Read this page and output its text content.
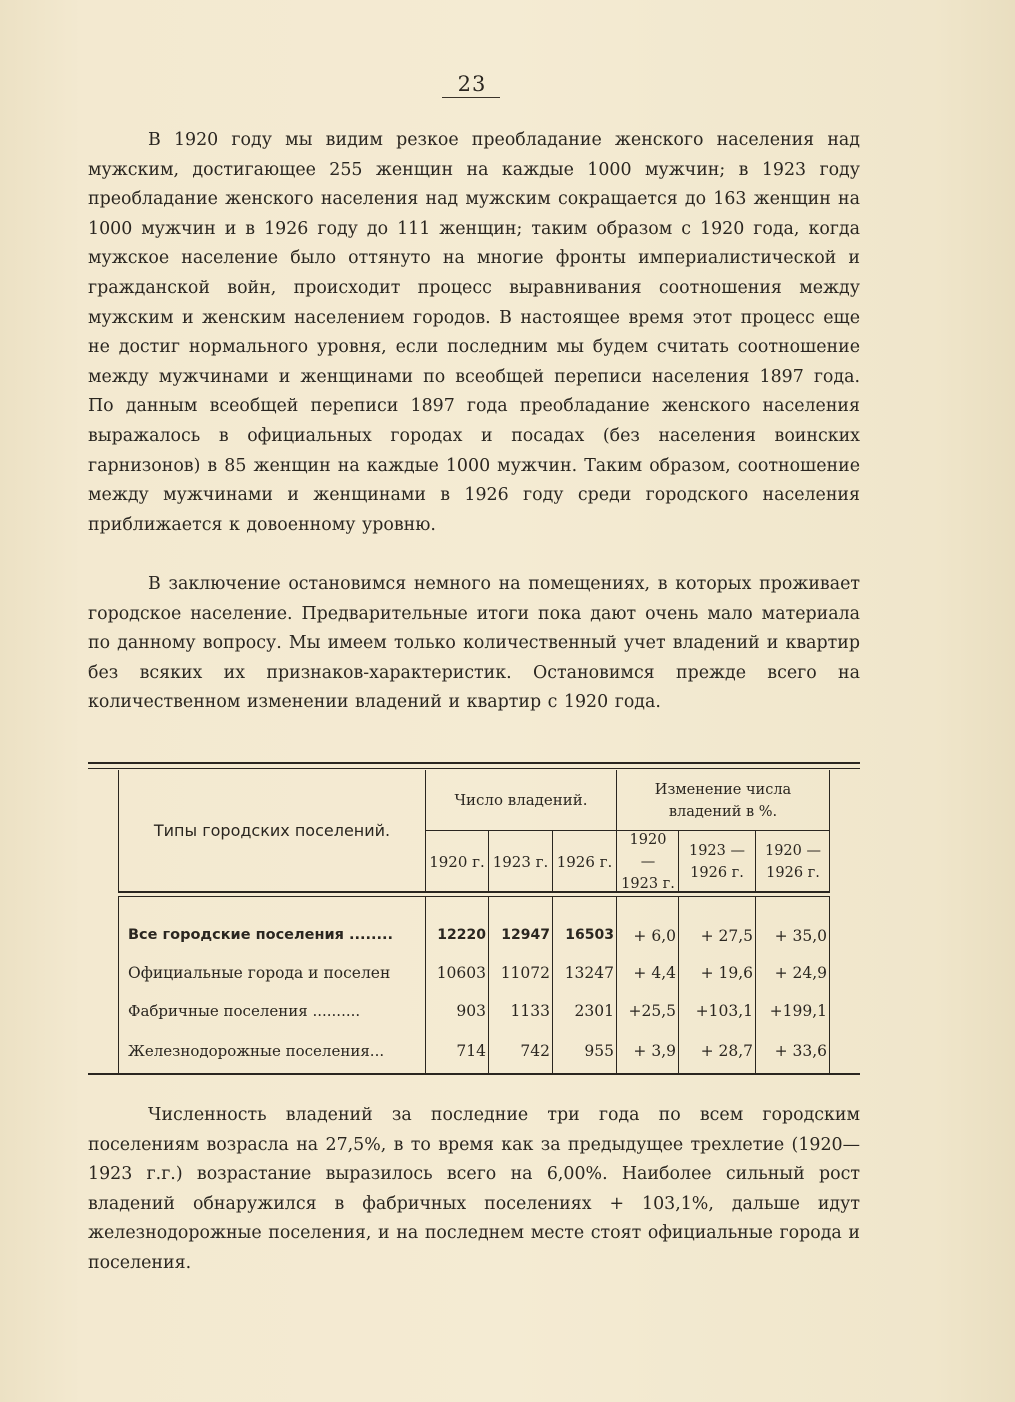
23

В 1920 году мы видим резкое преобладание женского населения над мужским, достигающее 255 женщин на каждые 1000 мужчин; в 1923 году преобладание женского населения над мужским сокращается до 163 женщин на 1000 мужчин и в 1926 году до 111 женщин; таким образом с 1920 года, когда мужское население было оттянуто на многие фронты империалистической и гражданской войн, происходит процесс выравнивания соотношения между мужским и женским населением городов. В настоящее время этот процесс еще не достиг нормального уровня, если последним мы будем считать соотношение между мужчинами и женщинами по всеобщей переписи населения 1897 года. По данным всеобщей переписи 1897 года преобладание женского населения выражалось в официальных городах и посадах (без населения воинских гарнизонов) в 85 женщин на каждые 1000 мужчин. Таким образом, соотношение между мужчинами и женщинами в 1926 году среди городского населения приближается к довоенному уровню.

В заключение остановимся немного на помещениях, в которых проживает городское население. Предварительные итоги пока дают очень мало материала по данному вопросу. Мы имеем только количественный учет владений и квартир без всяких их признаков-характеристик. Остановимся прежде всего на количественном изменении владений и квартир с 1920 года.

Типы городских поселений.
Число владений.
Изменение числа владений в %.
1920 г. 1923 г. 1926 г.
1920 — 1923 г.
1923 — 1926 г.
1920 — 1926 г.
Все городские поселения ........	12220	12947	16503	+ 6,0	+ 27,5	+ 35,0
Официальные города и поселен	10603 11072 13247	+ 4,4	+ 19,6	+ 24,9
Фабричные поселения ..........	903	1133	2301 +25,5	+103,1	+199,1
Железнодорожные поселения...	714	742	955	+ 3,9	+ 28,7	+ 33,6

Численность владений за последние три года по всем городским поселениям возрасла на 27,5%, в то время как за предыдущее трехлетие (1920—1923 г.г.) возрастание выразилось всего на 6,00%. Наиболее сильный рост владений обнаружился в фабричных поселениях + 103,1%, дальше идут железнодорожные поселения, и на последнем месте стоят официальные города и поселения.
